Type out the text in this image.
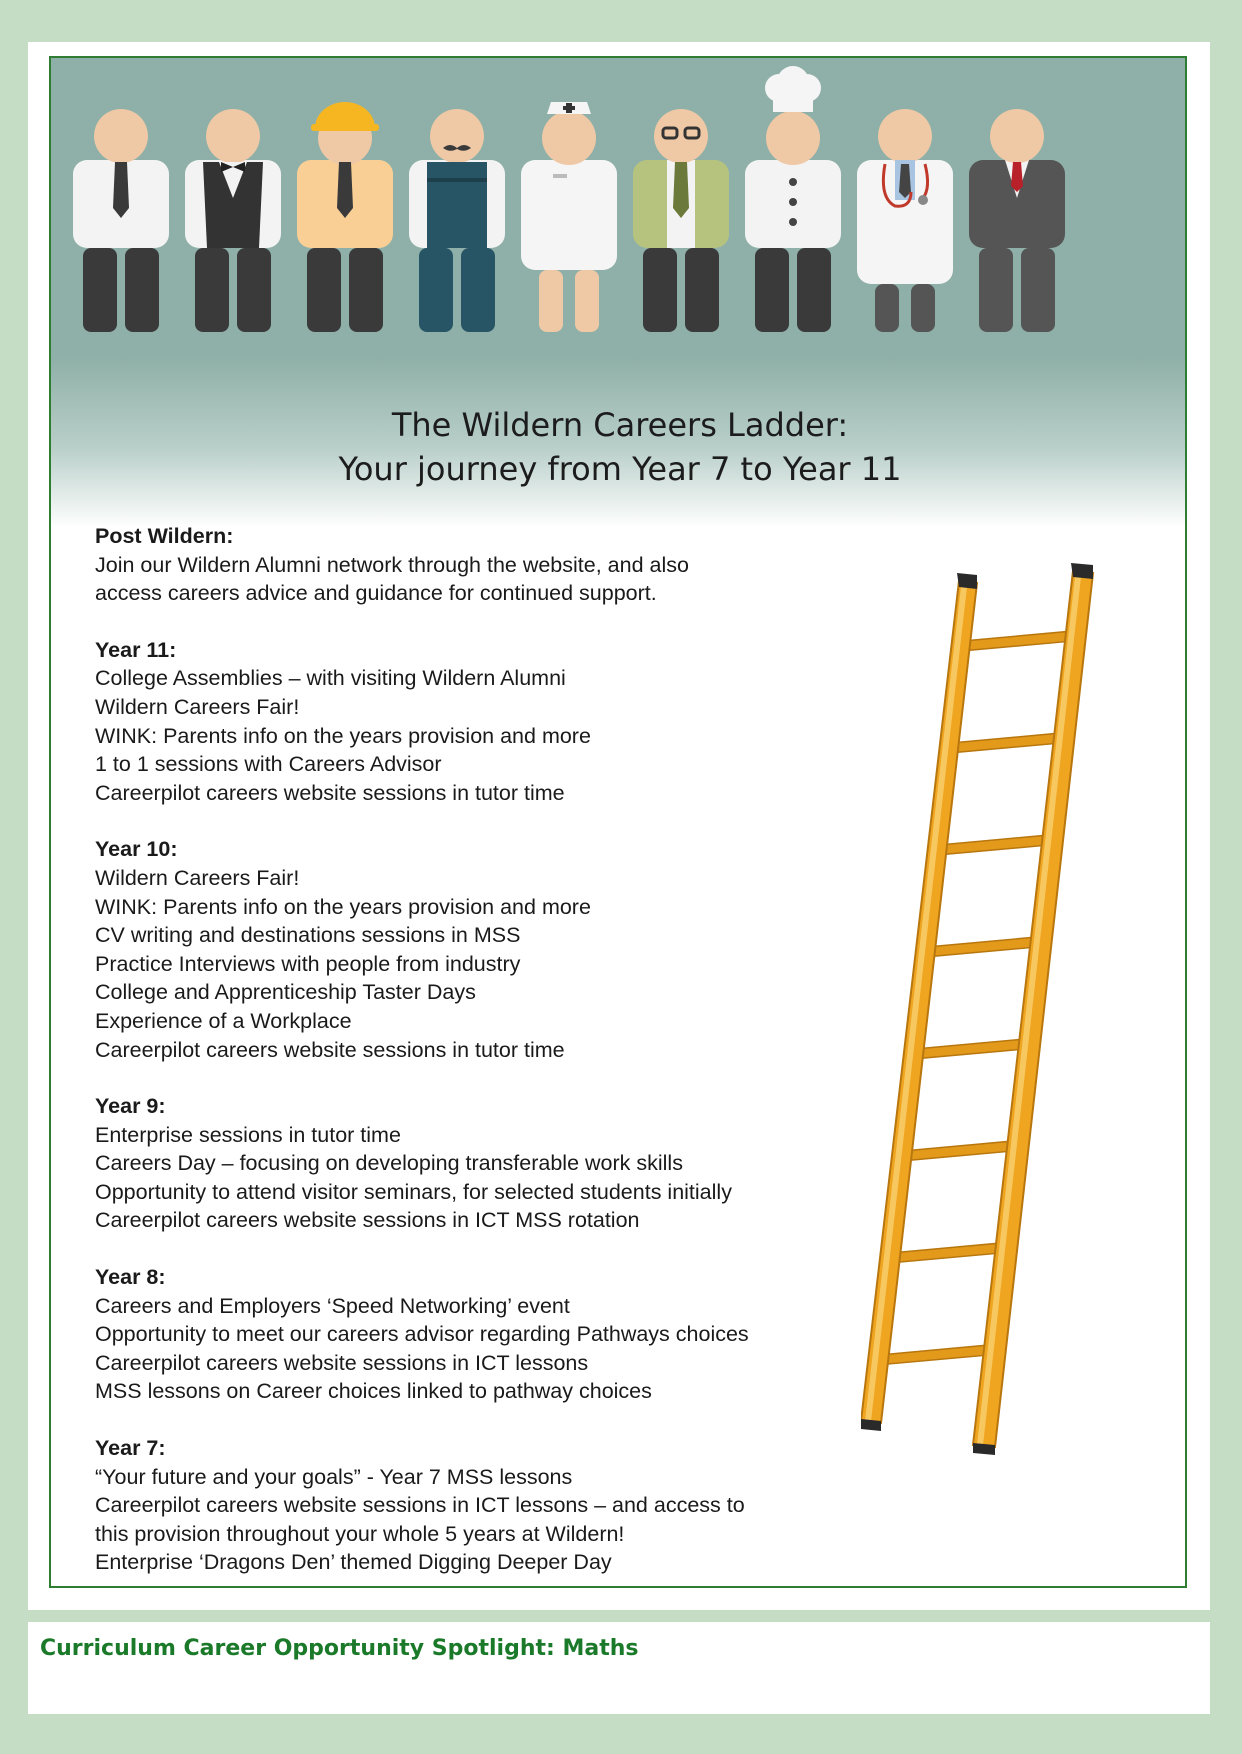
The Wildern Careers Ladder:
Your journey from Year 7 to Year 11
Post Wildern:
Join our Wildern Alumni network through the website, and also
access careers advice and guidance for continued support.
Year 11:
College Assemblies – with visiting Wildern Alumni
Wildern Careers Fair!
WINK: Parents info on the years provision and more
1 to 1 sessions with Careers Advisor
Careerpilot careers website sessions in tutor time
Year 10:
Wildern Careers Fair!
WINK: Parents info on the years provision and more
CV writing and destinations sessions in MSS
Practice Interviews with people from industry
College and Apprenticeship Taster Days
Experience of a Workplace
Careerpilot careers website sessions in tutor time
Year 9:
Enterprise sessions in tutor time
Careers Day – focusing on developing transferable work skills
Opportunity to attend visitor seminars, for selected students initially
Careerpilot careers website sessions in ICT MSS rotation
Year 8:
Careers and Employers ‘Speed Networking’ event
Opportunity to meet our careers advisor regarding Pathways choices
Careerpilot careers website sessions in ICT lessons
MSS lessons on Career choices linked to pathway choices
Year 7:
“Your future and your goals” - Year 7 MSS lessons
Careerpilot careers website sessions in ICT lessons – and access to
this provision throughout your whole 5 years at Wildern!
Enterprise ‘Dragons Den’ themed Digging Deeper Day
Curriculum Career Opportunity Spotlight: Maths
